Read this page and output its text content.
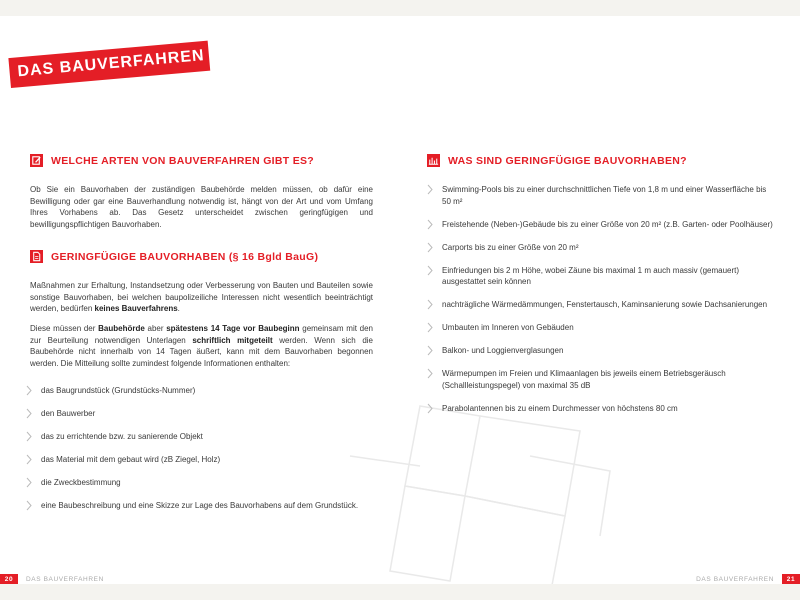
DAS BAUVERFAHREN
WELCHE ARTEN VON BAUVERFAHREN GIBT ES?
Ob Sie ein Bauvorhaben der zuständigen Baubehörde melden müssen, ob dafür eine Bewilligung oder gar eine Bauverhandlung notwendig ist, hängt von der Art und vom Umfang Ihres Vorhabens ab. Das Gesetz unterscheidet zwischen geringfügigen und bewilligungspflichtigen Bauvorhaben.
GERINGFÜGIGE BAUVORHABEN (§ 16 Bgld BauG)
Maßnahmen zur Erhaltung, Instandsetzung oder Verbesserung von Bauten und Bauteilen sowie sonstige Bauvorhaben, bei welchen baupolizeiliche Interessen nicht wesentlich beeinträchtigt werden, bedürfen keines Bauverfahrens.
Diese müssen der Baubehörde aber spätestens 14 Tage vor Baubeginn gemeinsam mit den zur Beurteilung notwendigen Unterlagen schriftlich mitgeteilt werden. Wenn sich die Baubehörde nicht innerhalb von 14 Tagen äußert, kann mit dem Bauvorhaben begonnen werden. Die Mitteilung sollte zumindest folgende Informationen enthalten:
das Baugrundstück (Grundstücks-Nummer)
den Bauwerber
das zu errichtende bzw. zu sanierende Objekt
das Material mit dem gebaut wird (zB Ziegel, Holz)
die Zweckbestimmung
eine Baubeschreibung und eine Skizze zur Lage des Bauvorhabens auf dem Grundstück.
WAS SIND GERINGFÜGIGE BAUVORHABEN?
Swimming-Pools bis zu einer durchschnittlichen Tiefe von 1,8 m und einer Wasserfläche bis 50 m²
Freistehende (Neben-)Gebäude bis zu einer Größe von 20 m² (z.B. Garten- oder Poolhäuser)
Carports bis zu einer Größe von 20 m²
Einfriedungen bis 2 m Höhe, wobei Zäune bis maximal 1 m auch massiv (gemauert) ausgestattet sein können
nachträgliche Wärmedämmungen, Fenstertausch, Kaminsanierung sowie Dachsanierungen
Umbauten im Inneren von Gebäuden
Balkon- und Loggienverglasungen
Wärmepumpen im Freien und Klimaanlagen bis jeweils einem Betriebsgeräusch (Schallleistungspegel) von maximal 35 dB
Parabolantennen bis zu einem Durchmesser von höchstens 80 cm
20	DAS BAUVERFAHREN	DAS BAUVERFAHREN	21
